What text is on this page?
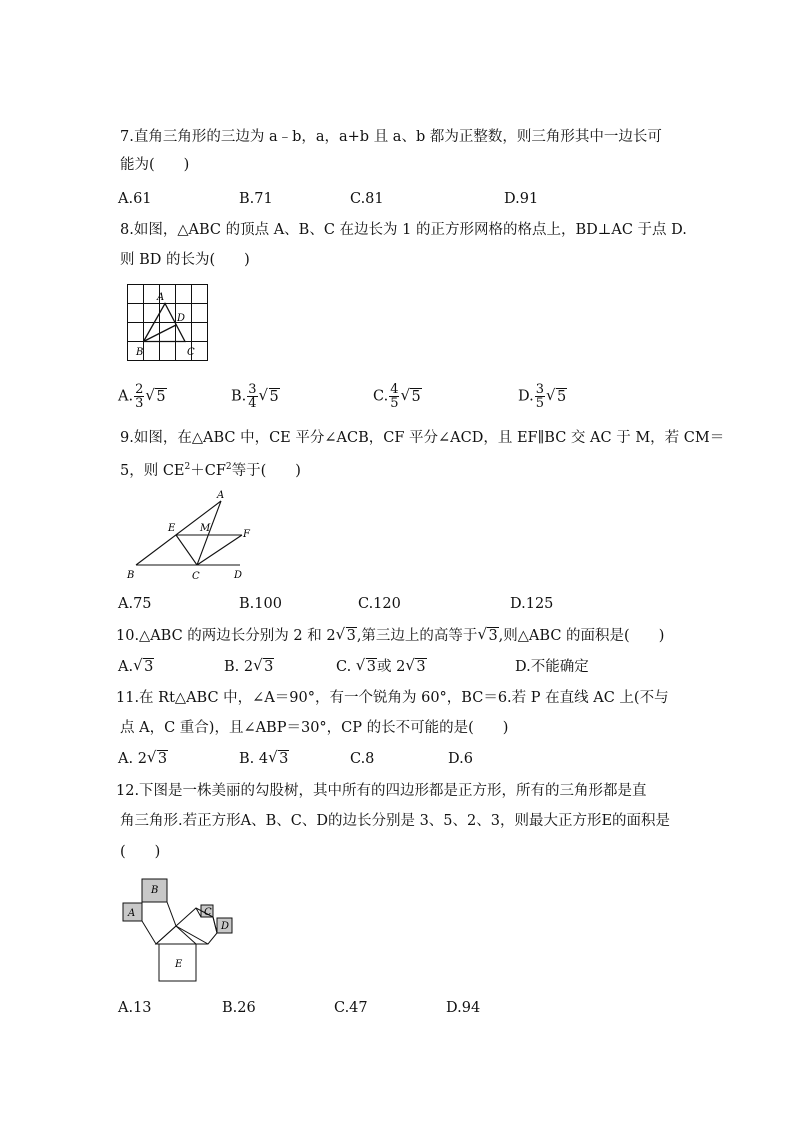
7.直角三角形的三边为 a﹣b，a，a+b 且 a、b 都为正整数，则三角形其中一边长可
能为(　　)
A.61	B.71	C.81	D.91
8.如图，△ABC 的顶点 A、B、C 在边长为 1 的正方形网格的格点上，BD⊥AC 于点 D.
则 BD 的长为(　　)
A
D
B	C
A. $\frac{2}{3}$ √ 5	B. $\frac{3}{4}$ √ 5	C. $\frac{4}{5}$ √ 5	D. $\frac{3}{5}$ √ 5
9.如图，在△ABC 中，CE 平分∠ACB，CF 平分∠ACD，且 EF∥BC 交 AC 于 M，若 CM＝
5，则 $CE^2+CF^2$等于(　　)
A
E M
F
B	C	D
A.75	B.100	C.120	D.125
10.△ABC 的两边长分别为 2 和 2 √ 3,第三边上的高等于 √ 3,则△ABC 的面积是(　　)
A. √ 3	B. 2 √ 3	C. √ 3或 2 √ 3	D.不能确定
11.在 Rt△ABC 中，∠A＝90°，有一个锐角为 60°，BC＝6.若 P 在直线 AC 上(不与
点 A，C 重合)，且∠ABP＝30°，CP 的长不可能的是(　　)
A. 2 √ 3	B. 4 √ 3	C.8	D.6
12.下图是一株美丽的勾股树，其中所有的四边形都是正方形，所有的三角形都是直
角三角形.若正方形A、B、C、D的边长分别是 3、5、2、3，则最大正方形E的面积是
(　　)
B
A	C
D
E
A.13	B.26	C.47	D.94
